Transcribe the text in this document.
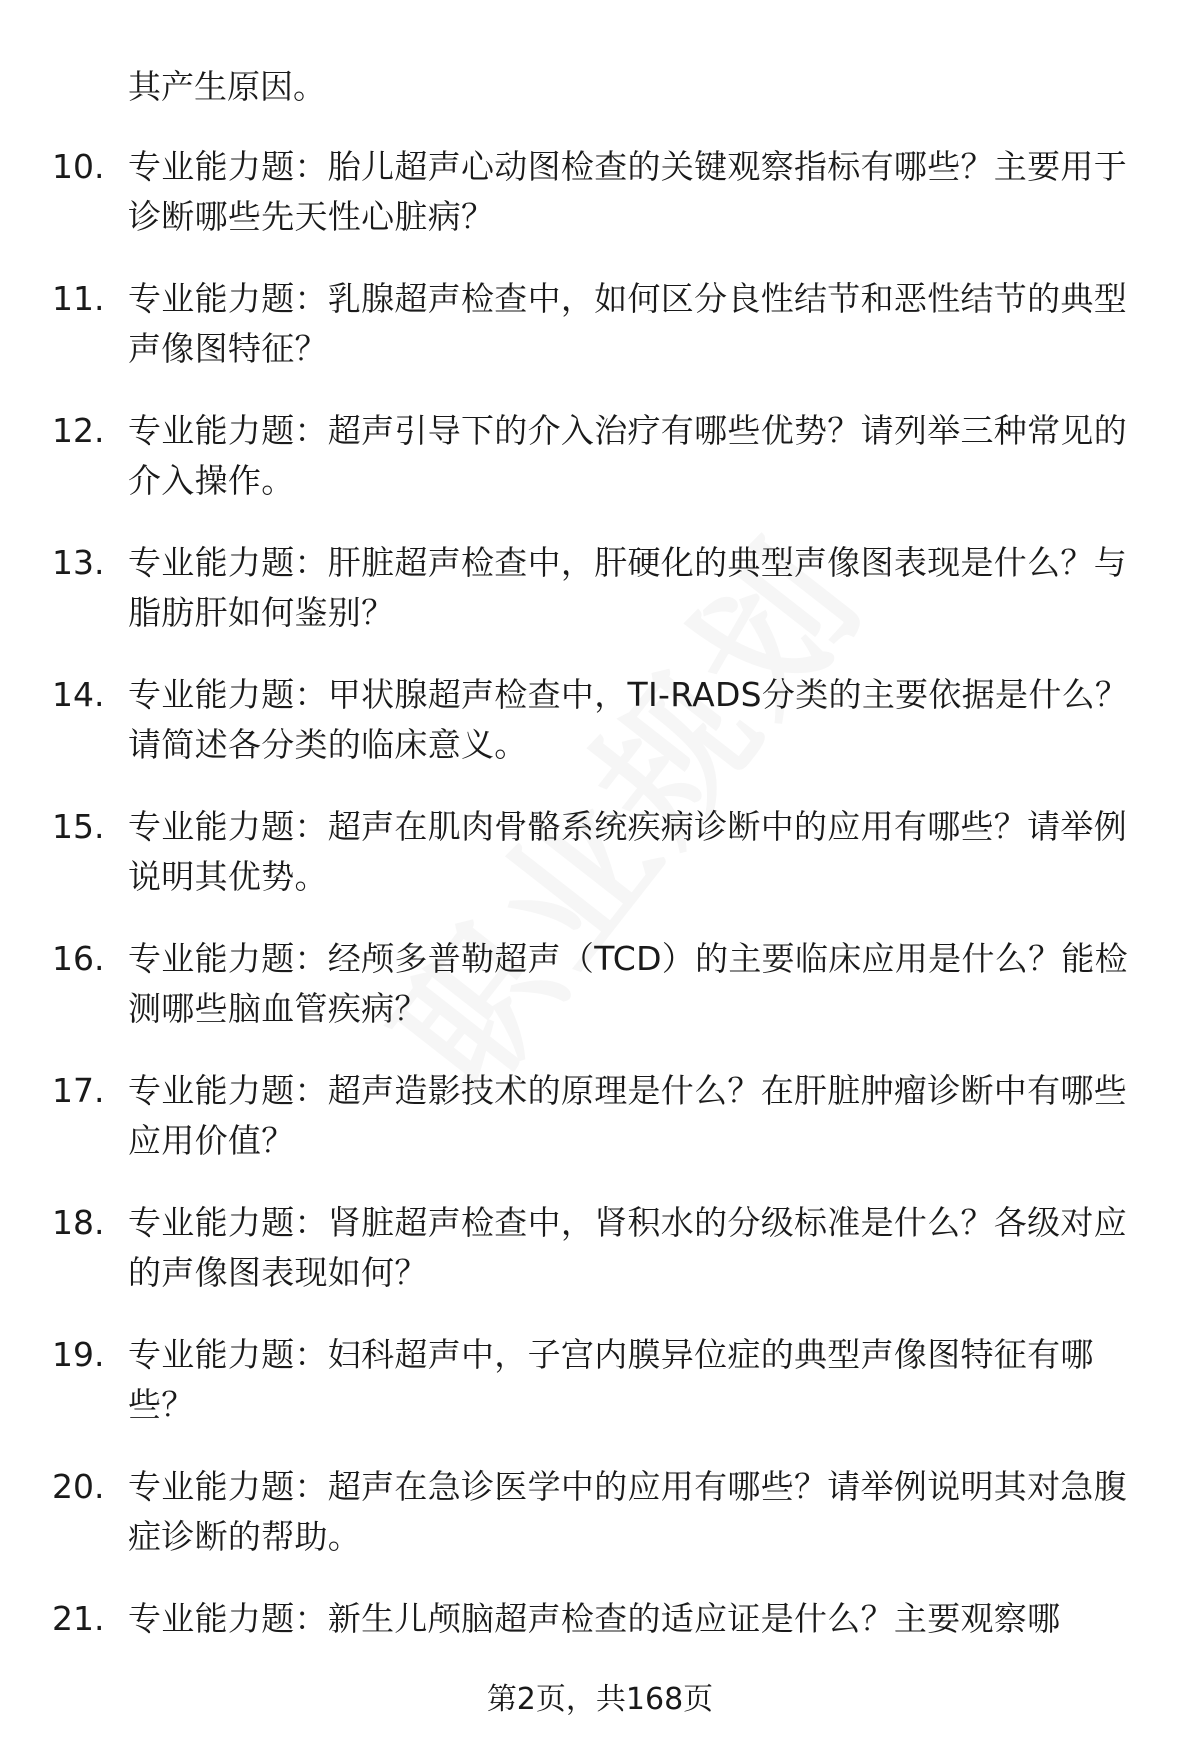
其产生原因。
10. 专业能力题：胎儿超声心动图检查的关键观察指标有哪些？主要用于诊断哪些先天性心脏病？
11. 专业能力题：乳腺超声检查中，如何区分良性结节和恶性结节的典型声像图特征？
12. 专业能力题：超声引导下的介入治疗有哪些优势？请列举三种常见的介入操作。
13. 专业能力题：肝脏超声检查中，肝硬化的典型声像图表现是什么？与脂肪肝如何鉴别？
14. 专业能力题：甲状腺超声检查中，TI-RADS分类的主要依据是什么？请简述各分类的临床意义。
15. 专业能力题：超声在肌肉骨骼系统疾病诊断中的应用有哪些？请举例说明其优势。
16. 专业能力题：经颅多普勒超声（TCD）的主要临床应用是什么？能检测哪些脑血管疾病？
17. 专业能力题：超声造影技术的原理是什么？在肝脏肿瘤诊断中有哪些应用价值？
18. 专业能力题：肾脏超声检查中，肾积水的分级标准是什么？各级对应的声像图表现如何？
19. 专业能力题：妇科超声中，子宫内膜异位症的典型声像图特征有哪些？
20. 专业能力题：超声在急诊医学中的应用有哪些？请举例说明其对急腹症诊断的帮助。
21. 专业能力题：新生儿颅脑超声检查的适应证是什么？主要观察哪
第2页，共168页
